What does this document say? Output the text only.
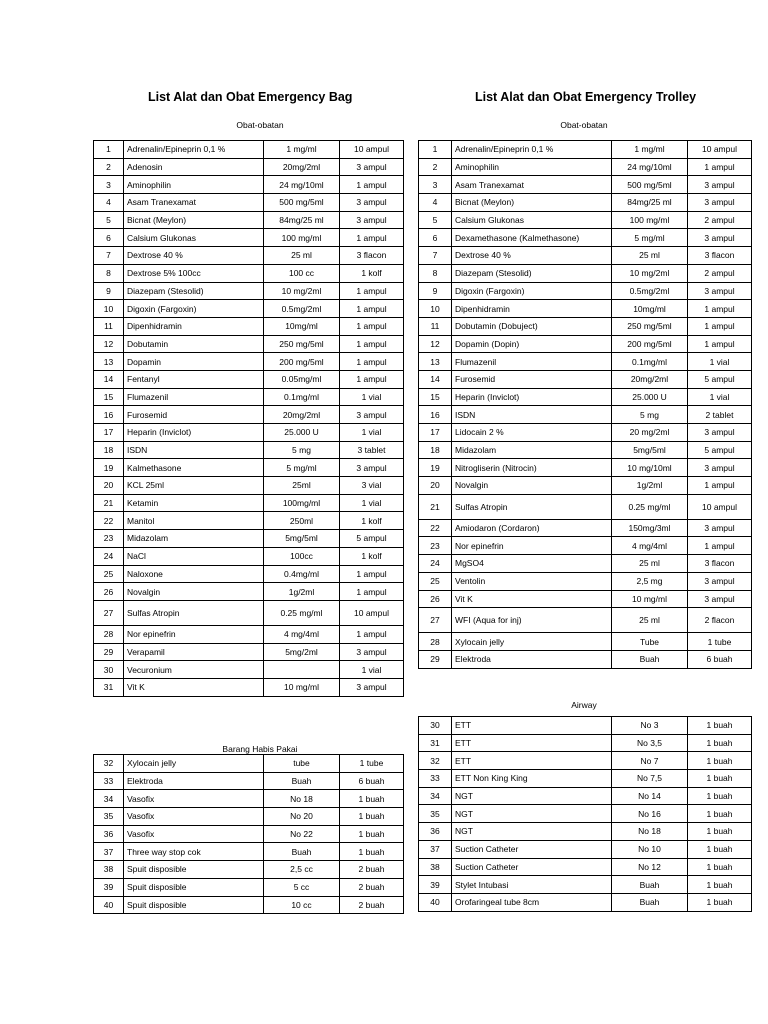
List Alat dan Obat Emergency Bag
Obat-obatan
1	Adrenalin/Epineprin 0,1 %	1 mg/ml	10 ampul
2	Adenosin	20mg/2ml	3 ampul
3	Aminophilin	24 mg/10ml	1 ampul
4	Asam Tranexamat	500 mg/5ml	3 ampul
5	Bicnat (Meylon)	84mg/25 ml	3 ampul
6	Calsium Glukonas	100 mg/ml	1 ampul
7	Dextrose 40 %	25 ml	3 flacon
8	Dextrose 5% 100cc	100 cc	1 kolf
9	Diazepam (Stesolid)	10 mg/2ml	1 ampul
10	Digoxin (Fargoxin)	0.5mg/2ml	1 ampul
11	Dipenhidramin	10mg/ml	1 ampul
12	Dobutamin	250 mg/5ml	1 ampul
13	Dopamin	200 mg/5ml	1 ampul
14	Fentanyl	0.05mg/ml	1 ampul
15	Flumazenil	0.1mg/ml	1 vial
16	Furosemid	20mg/2ml	3 ampul
17	Heparin (Inviclot)	25.000 U	1 vial
18	ISDN	5 mg	3 tablet
19	Kalmethasone	5 mg/ml	3 ampul
20	KCL 25ml	25ml	3 vial
21	Ketamin	100mg/ml	1 vial
22	Manitol	250ml	1 kolf
23	Midazolam	5mg/5ml	5 ampul
24	NaCl	100cc	1 kolf
25	Naloxone	0.4mg/ml	1 ampul
26	Novalgin	1g/2ml	1 ampul
27	Sulfas Atropin	0.25 mg/ml	10 ampul
28	Nor epinefrin	4 mg/4ml	1 ampul
29	Verapamil	5mg/2ml	3 ampul
30	Vecuronium		1 vial
31	Vit K	10 mg/ml	3 ampul
Barang Habis Pakai
32	Xylocain jelly	tube	1 tube
33	Elektroda	Buah	6 buah
34	Vasofix	No 18	1 buah
35	Vasofix	No 20	1 buah
36	Vasofix	No 22	1 buah
37	Three way stop cok	Buah	1 buah
38	Spuit disposible	2,5 cc	2 buah
39	Spuit disposible	5 cc	2 buah
40	Spuit disposible	10 cc	2 buah
List Alat dan Obat Emergency Trolley
Obat-obatan
1	Adrenalin/Epineprin 0,1 %	1 mg/ml	10 ampul
2	Aminophilin	24 mg/10ml	1 ampul
3	Asam Tranexamat	500 mg/5ml	3 ampul
4	Bicnat (Meylon)	84mg/25 ml	3 ampul
5	Calsium Glukonas	100 mg/ml	2 ampul
6	Dexamethasone (Kalmethasone)	5 mg/ml	3 ampul
7	Dextrose 40 %	25 ml	3 flacon
8	Diazepam (Stesolid)	10 mg/2ml	2 ampul
9	Digoxin (Fargoxin)	0.5mg/2ml	3 ampul
10	Dipenhidramin	10mg/ml	1 ampul
11	Dobutamin (Dobuject)	250 mg/5ml	1 ampul
12	Dopamin (Dopin)	200 mg/5ml	1 ampul
13	Flumazenil	0.1mg/ml	1 vial
14	Furosemid	20mg/2ml	5 ampul
15	Heparin (Inviclot)	25.000 U	1 vial
16	ISDN	5 mg	2 tablet
17	Lidocain 2 %	20 mg/2ml	3 ampul
18	Midazolam	5mg/5ml	5 ampul
19	Nitrogliserin (Nitrocin)	10 mg/10ml	3 ampul
20	Novalgin	1g/2ml	1 ampul
21	Sulfas Atropin	0.25 mg/ml	10 ampul
22	Amiodaron (Cordaron)	150mg/3ml	3 ampul
23	Nor epinefrin	4 mg/4ml	1 ampul
24	MgSO4	25 ml	3 flacon
25	Ventolin	2,5 mg	3 ampul
26	Vit K	10 mg/ml	3 ampul
27	WFI (Aqua for inj)	25 ml	2 flacon
28	Xylocain jelly	Tube	1 tube
29	Elektroda	Buah	6 buah
Airway
30	ETT	No 3	1 buah
31	ETT	No 3,5	1 buah
32	ETT	No 7	1 buah
33	ETT Non King King	No 7,5	1 buah
34	NGT	No 14	1 buah
35	NGT	No 16	1 buah
36	NGT	No 18	1 buah
37	Suction Catheter	No 10	1 buah
38	Suction Catheter	No 12	1 buah
39	Stylet Intubasi	Buah	1 buah
40	Orofaringeal tube 8cm	Buah	1 buah
